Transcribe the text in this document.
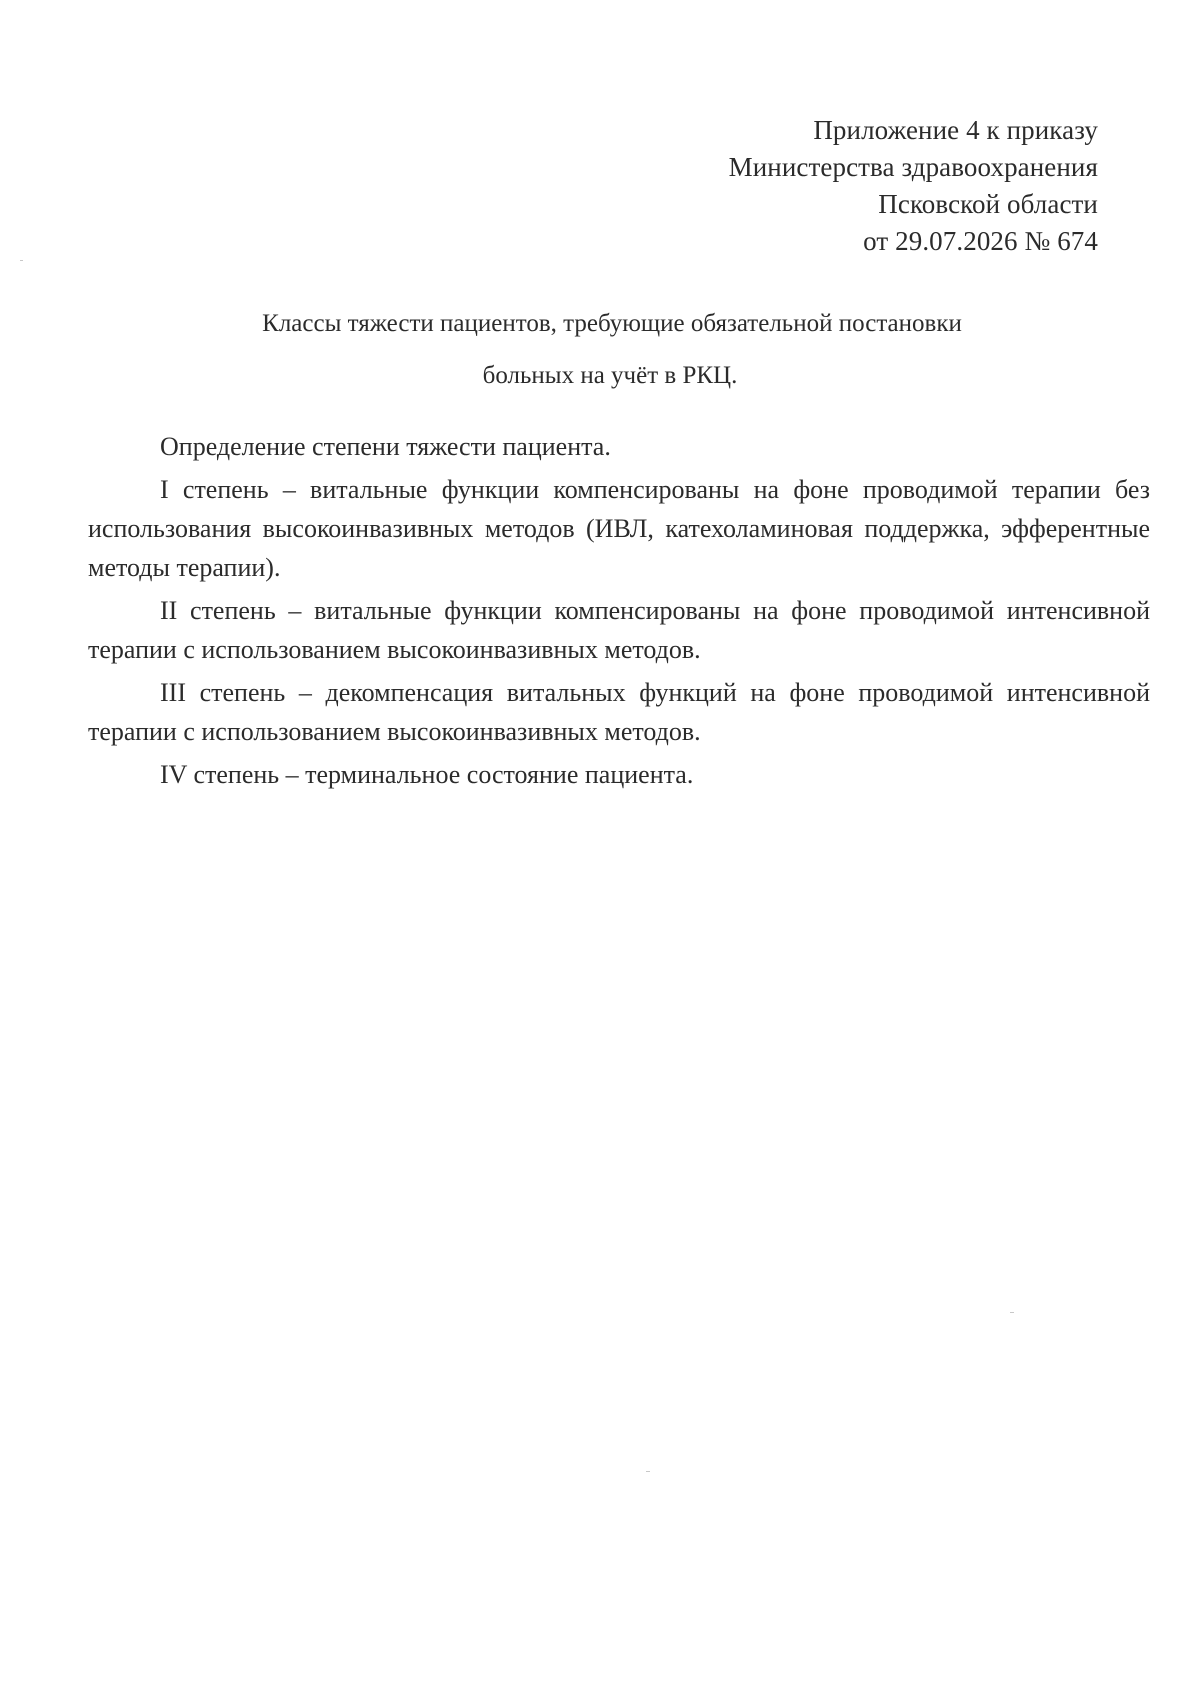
Приложение 4 к приказу
Министерства здравоохранения
Псковской области
от 29.07.2026 № 674
Классы тяжести пациентов, требующие обязательной постановки
больных на учёт в РКЦ.

Определение степени тяжести пациента.

I степень – витальные функции компенсированы на фоне проводимой терапии без использования высокоинвазивных методов (ИВЛ, катехоламиновая поддержка, эфферентные методы терапии).

II степень – витальные функции компенсированы на фоне проводимой интенсивной терапии с использованием высокоинвазивных методов.

III степень – декомпенсация витальных функций на фоне проводимой интенсивной терапии с использованием высокоинвазивных методов.

IV степень – терминальное состояние пациента.
